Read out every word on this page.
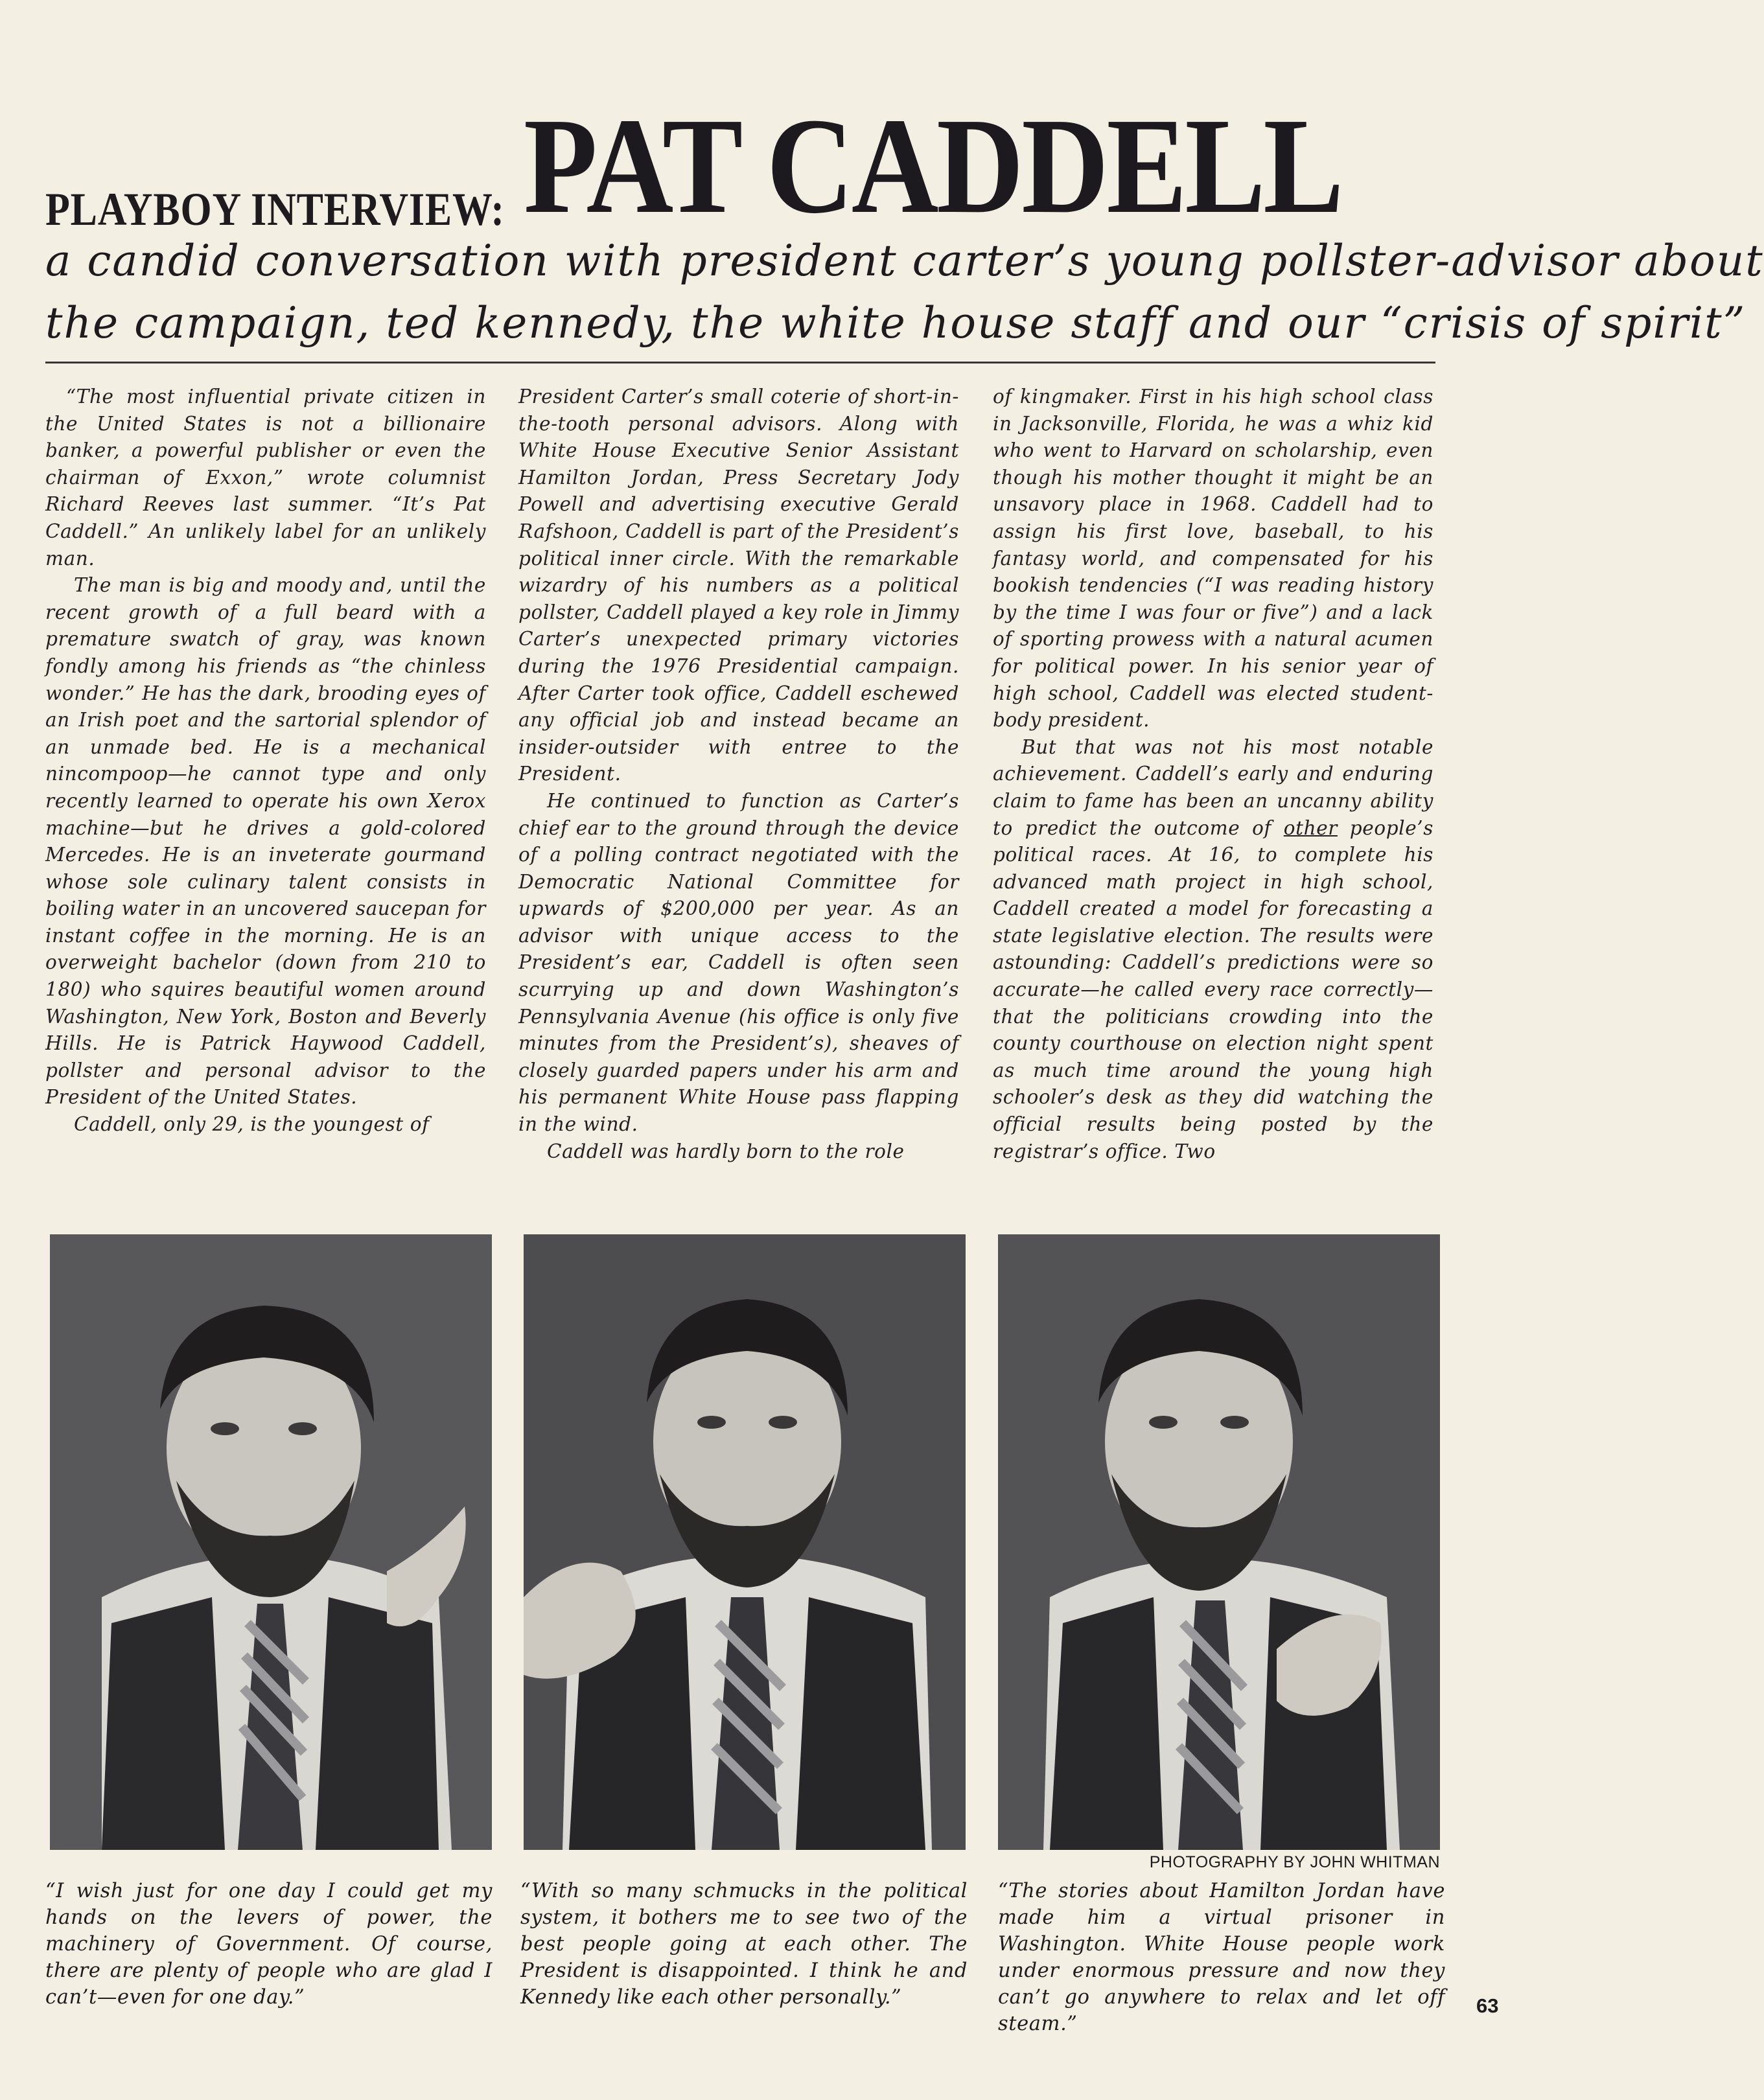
PLAYBOY INTERVIEW: PAT CADDELL
a candid conversation with president carter’s young pollster-advisor about
the campaign, ted kennedy, the white house staff and our “crisis of spirit”

“The most influential private citizen in the United States is not a billionaire banker, a powerful publisher or even the chairman of Exxon,” wrote columnist Richard Reeves last summer. “It’s Pat Caddell.” An unlikely label for an unlikely man.

The man is big and moody and, until the recent growth of a full beard with a premature swatch of gray, was known fondly among his friends as “the chinless wonder.” He has the dark, brooding eyes of an Irish poet and the sartorial splendor of an unmade bed. He is a mechanical nincompoop—he cannot type and only recently learned to operate his own Xerox machine—but he drives a gold-colored Mercedes. He is an inveterate gourmand whose sole culinary talent consists in boiling water in an uncovered saucepan for instant coffee in the morning. He is an overweight bachelor (down from 210 to 180) who squires beautiful women around Washington, New York, Boston and Beverly Hills. He is Patrick Haywood Caddell, pollster and personal advisor to the President of the United States.

Caddell, only 29, is the youngest of

President Carter’s small coterie of short-in-the-tooth personal advisors. Along with White House Executive Senior Assistant Hamilton Jordan, Press Secretary Jody Powell and advertising executive Gerald Rafshoon, Caddell is part of the President’s political inner circle. With the remarkable wizardry of his numbers as a political pollster, Caddell played a key role in Jimmy Carter’s unexpected primary victories during the 1976 Presidential campaign. After Carter took office, Caddell eschewed any official job and instead became an insider-outsider with entree to the President.

He continued to function as Carter’s chief ear to the ground through the device of a polling contract negotiated with the Democratic National Committee for upwards of $200,000 per year. As an advisor with unique access to the President’s ear, Caddell is often seen scurrying up and down Washington’s Pennsylvania Avenue (his office is only five minutes from the President’s), sheaves of closely guarded papers under his arm and his permanent White House pass flapping in the wind.

Caddell was hardly born to the role

of kingmaker. First in his high school class in Jacksonville, Florida, he was a whiz kid who went to Harvard on scholarship, even though his mother thought it might be an unsavory place in 1968. Caddell had to assign his first love, baseball, to his fantasy world, and compensated for his bookish tendencies (“I was reading history by the time I was four or five”) and a lack of sporting prowess with a natural acumen for political power. In his senior year of high school, Caddell was elected student-body president.

But that was not his most notable achievement. Caddell’s early and enduring claim to fame has been an uncanny ability to predict the outcome of other people’s political races. At 16, to complete his advanced math project in high school, Caddell created a model for forecasting a state legislative election. The results were astounding: Caddell’s predictions were so accurate—he called every race correctly—that the politicians crowding into the county courthouse on election night spent as much time around the young high schooler’s desk as they did watching the official results being posted by the registrar’s office. Two

PHOTOGRAPHY BY JOHN WHITMAN
“I wish just for one day I could get my hands on the levers of power, the machinery of Government. Of course, there are plenty of people who are glad I can’t—even for one day.”
“With so many schmucks in the political system, it bothers me to see two of the best people going at each other. The President is disappointed. I think he and Kennedy like each other personally.”
“The stories about Hamilton Jordan have made him a virtual prisoner in Washington. White House people work under enormous pressure and now they can’t go anywhere to relax and let off steam.”
63
